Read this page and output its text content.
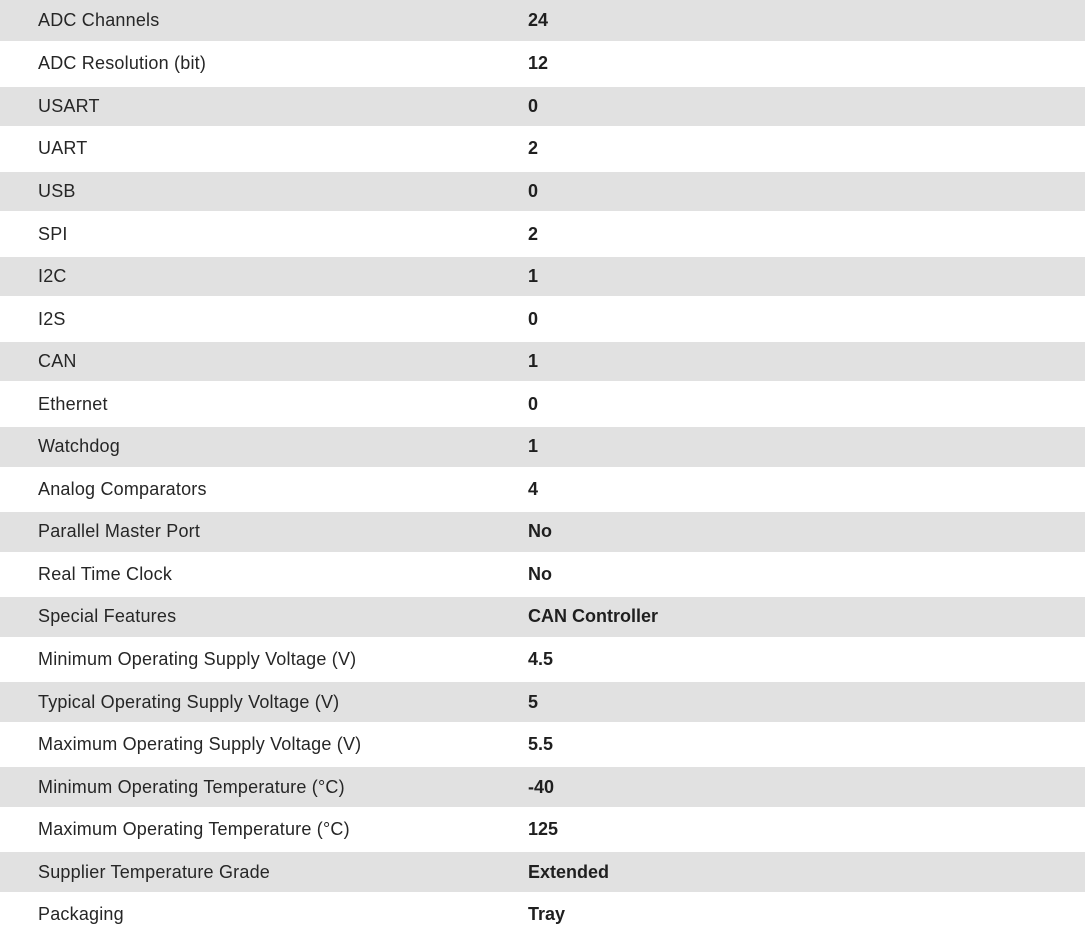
ADC Channels	24
ADC Resolution (bit)	12
USART	0
UART	2
USB	0
SPI	2
I2C	1
I2S	0
CAN	1
Ethernet	0
Watchdog	1
Analog Comparators	4
Parallel Master Port	No
Real Time Clock	No
Special Features	CAN Controller
Minimum Operating Supply Voltage (V)	4.5
Typical Operating Supply Voltage (V)	5
Maximum Operating Supply Voltage (V)	5.5
Minimum Operating Temperature (°C)	-40
Maximum Operating Temperature (°C)	125
Supplier Temperature Grade	Extended
Packaging	Tray
